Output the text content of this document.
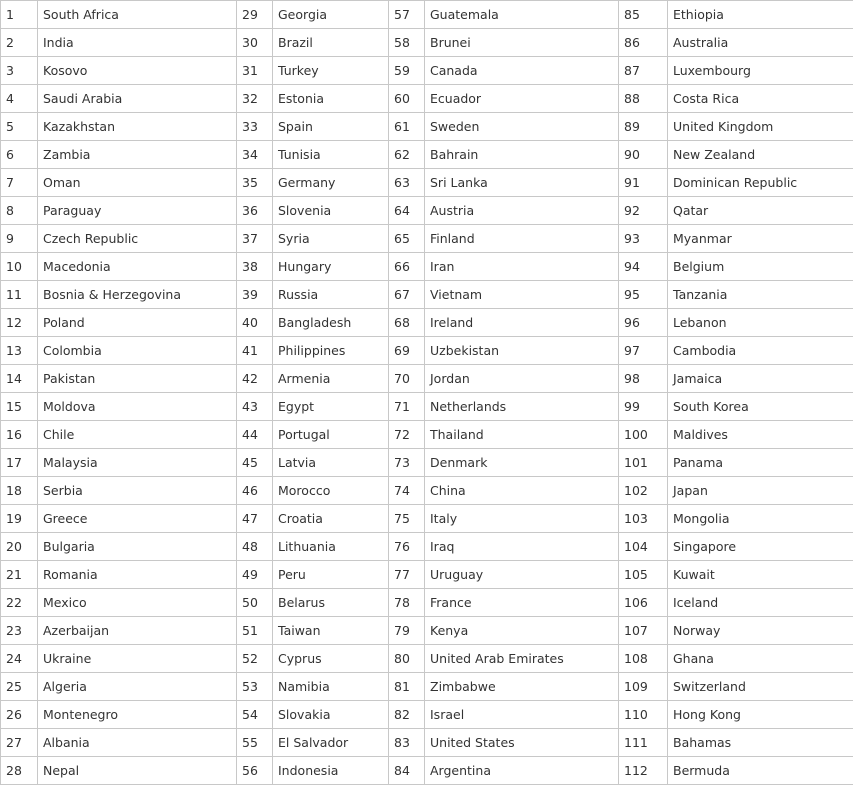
1	South Africa	29	Georgia	57	Guatemala	85	Ethiopia
2	India	30	Brazil	58	Brunei	86	Australia
3	Kosovo	31	Turkey	59	Canada	87	Luxembourg
4	Saudi Arabia	32	Estonia	60	Ecuador	88	Costa Rica
5	Kazakhstan	33	Spain	61	Sweden	89	United Kingdom
6	Zambia	34	Tunisia	62	Bahrain	90	New Zealand
7	Oman	35	Germany	63	Sri Lanka	91	Dominican Republic
8	Paraguay	36	Slovenia	64	Austria	92	Qatar
9	Czech Republic	37	Syria	65	Finland	93	Myanmar
10	Macedonia	38	Hungary	66	Iran	94	Belgium
11	Bosnia & Herzegovina	39	Russia	67	Vietnam	95	Tanzania
12	Poland	40	Bangladesh	68	Ireland	96	Lebanon
13	Colombia	41	Philippines	69	Uzbekistan	97	Cambodia
14	Pakistan	42	Armenia	70	Jordan	98	Jamaica
15	Moldova	43	Egypt	71	Netherlands	99	South Korea
16	Chile	44	Portugal	72	Thailand	100	Maldives
17	Malaysia	45	Latvia	73	Denmark	101	Panama
18	Serbia	46	Morocco	74	China	102	Japan
19	Greece	47	Croatia	75	Italy	103	Mongolia
20	Bulgaria	48	Lithuania	76	Iraq	104	Singapore
21	Romania	49	Peru	77	Uruguay	105	Kuwait
22	Mexico	50	Belarus	78	France	106	Iceland
23	Azerbaijan	51	Taiwan	79	Kenya	107	Norway
24	Ukraine	52	Cyprus	80	United Arab Emirates	108	Ghana
25	Algeria	53	Namibia	81	Zimbabwe	109	Switzerland
26	Montenegro	54	Slovakia	82	Israel	110	Hong Kong
27	Albania	55	El Salvador	83	United States	111	Bahamas
28	Nepal	56	Indonesia	84	Argentina	112	Bermuda
